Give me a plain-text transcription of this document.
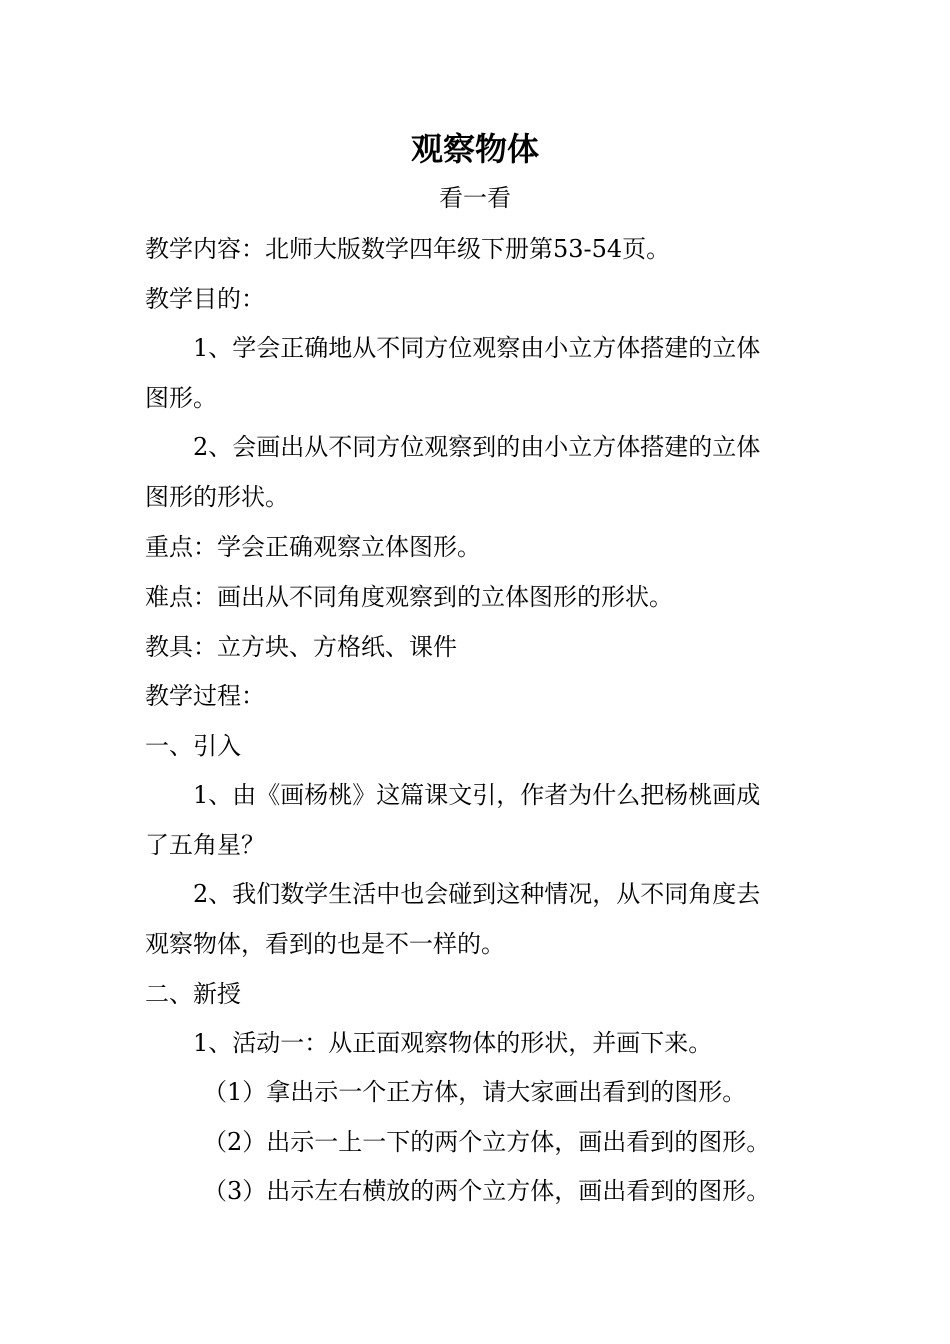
观察物体
看一看
教学内容：北师大版数学四年级下册第53-54页。
教学目的：
1、学会正确地从不同方位观察由小立方体搭建的立体
图形。
2、会画出从不同方位观察到的由小立方体搭建的立体
图形的形状。
重点：学会正确观察立体图形。
难点：画出从不同角度观察到的立体图形的形状。
教具：立方块、方格纸、课件
教学过程：
一、引入
1、由《画杨桃》这篇课文引，作者为什么把杨桃画成
了五角星？
2、我们数学生活中也会碰到这种情况，从不同角度去
观察物体，看到的也是不一样的。
二、新授
1、活动一：从正面观察物体的形状，并画下来。
（1）拿出示一个正方体，请大家画出看到的图形。
（2）出示一上一下的两个立方体，画出看到的图形。
（3）出示左右横放的两个立方体，画出看到的图形。
